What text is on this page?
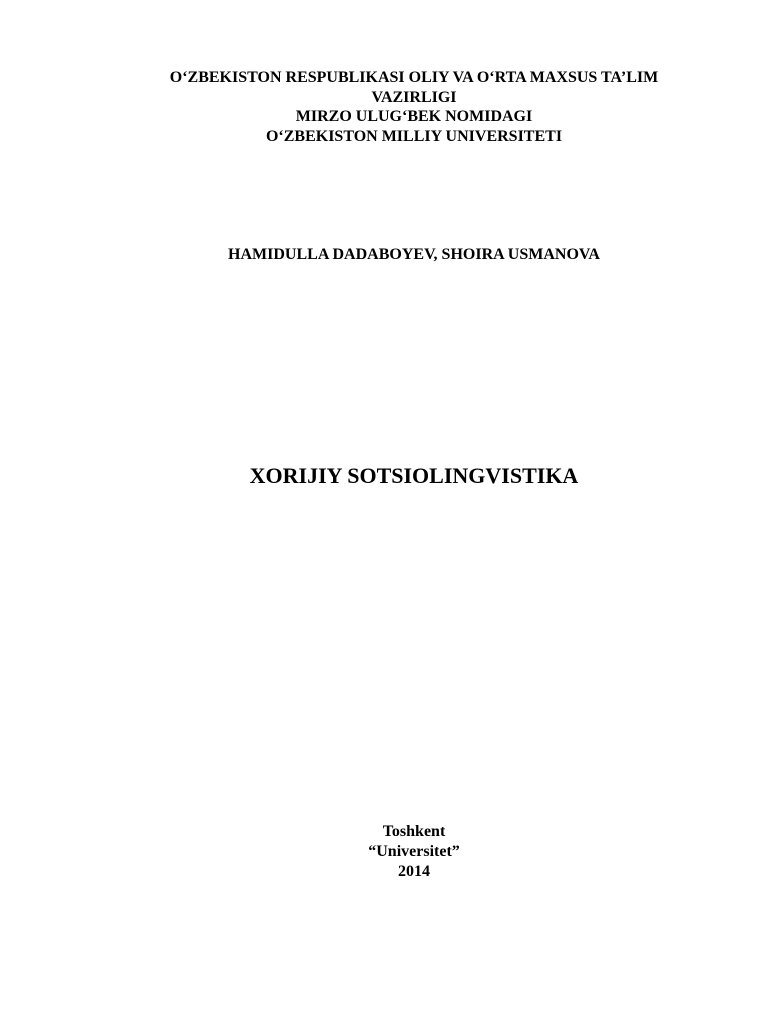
O‘ZBEKISTON RESPUBLIKASI OLIY VA O‘RTA MAXSUS TA’LIM
VAZIRLIGI
MIRZO ULUG‘BEK NOMIDAGI
O‘ZBEKISTON MILLIY UNIVERSITETI
HAMIDULLA DADABOYEV, SHOIRA USMANOVA
XORIJIY SOTSIOLINGVISTIKA
Toshkent
“Universitet”
2014
